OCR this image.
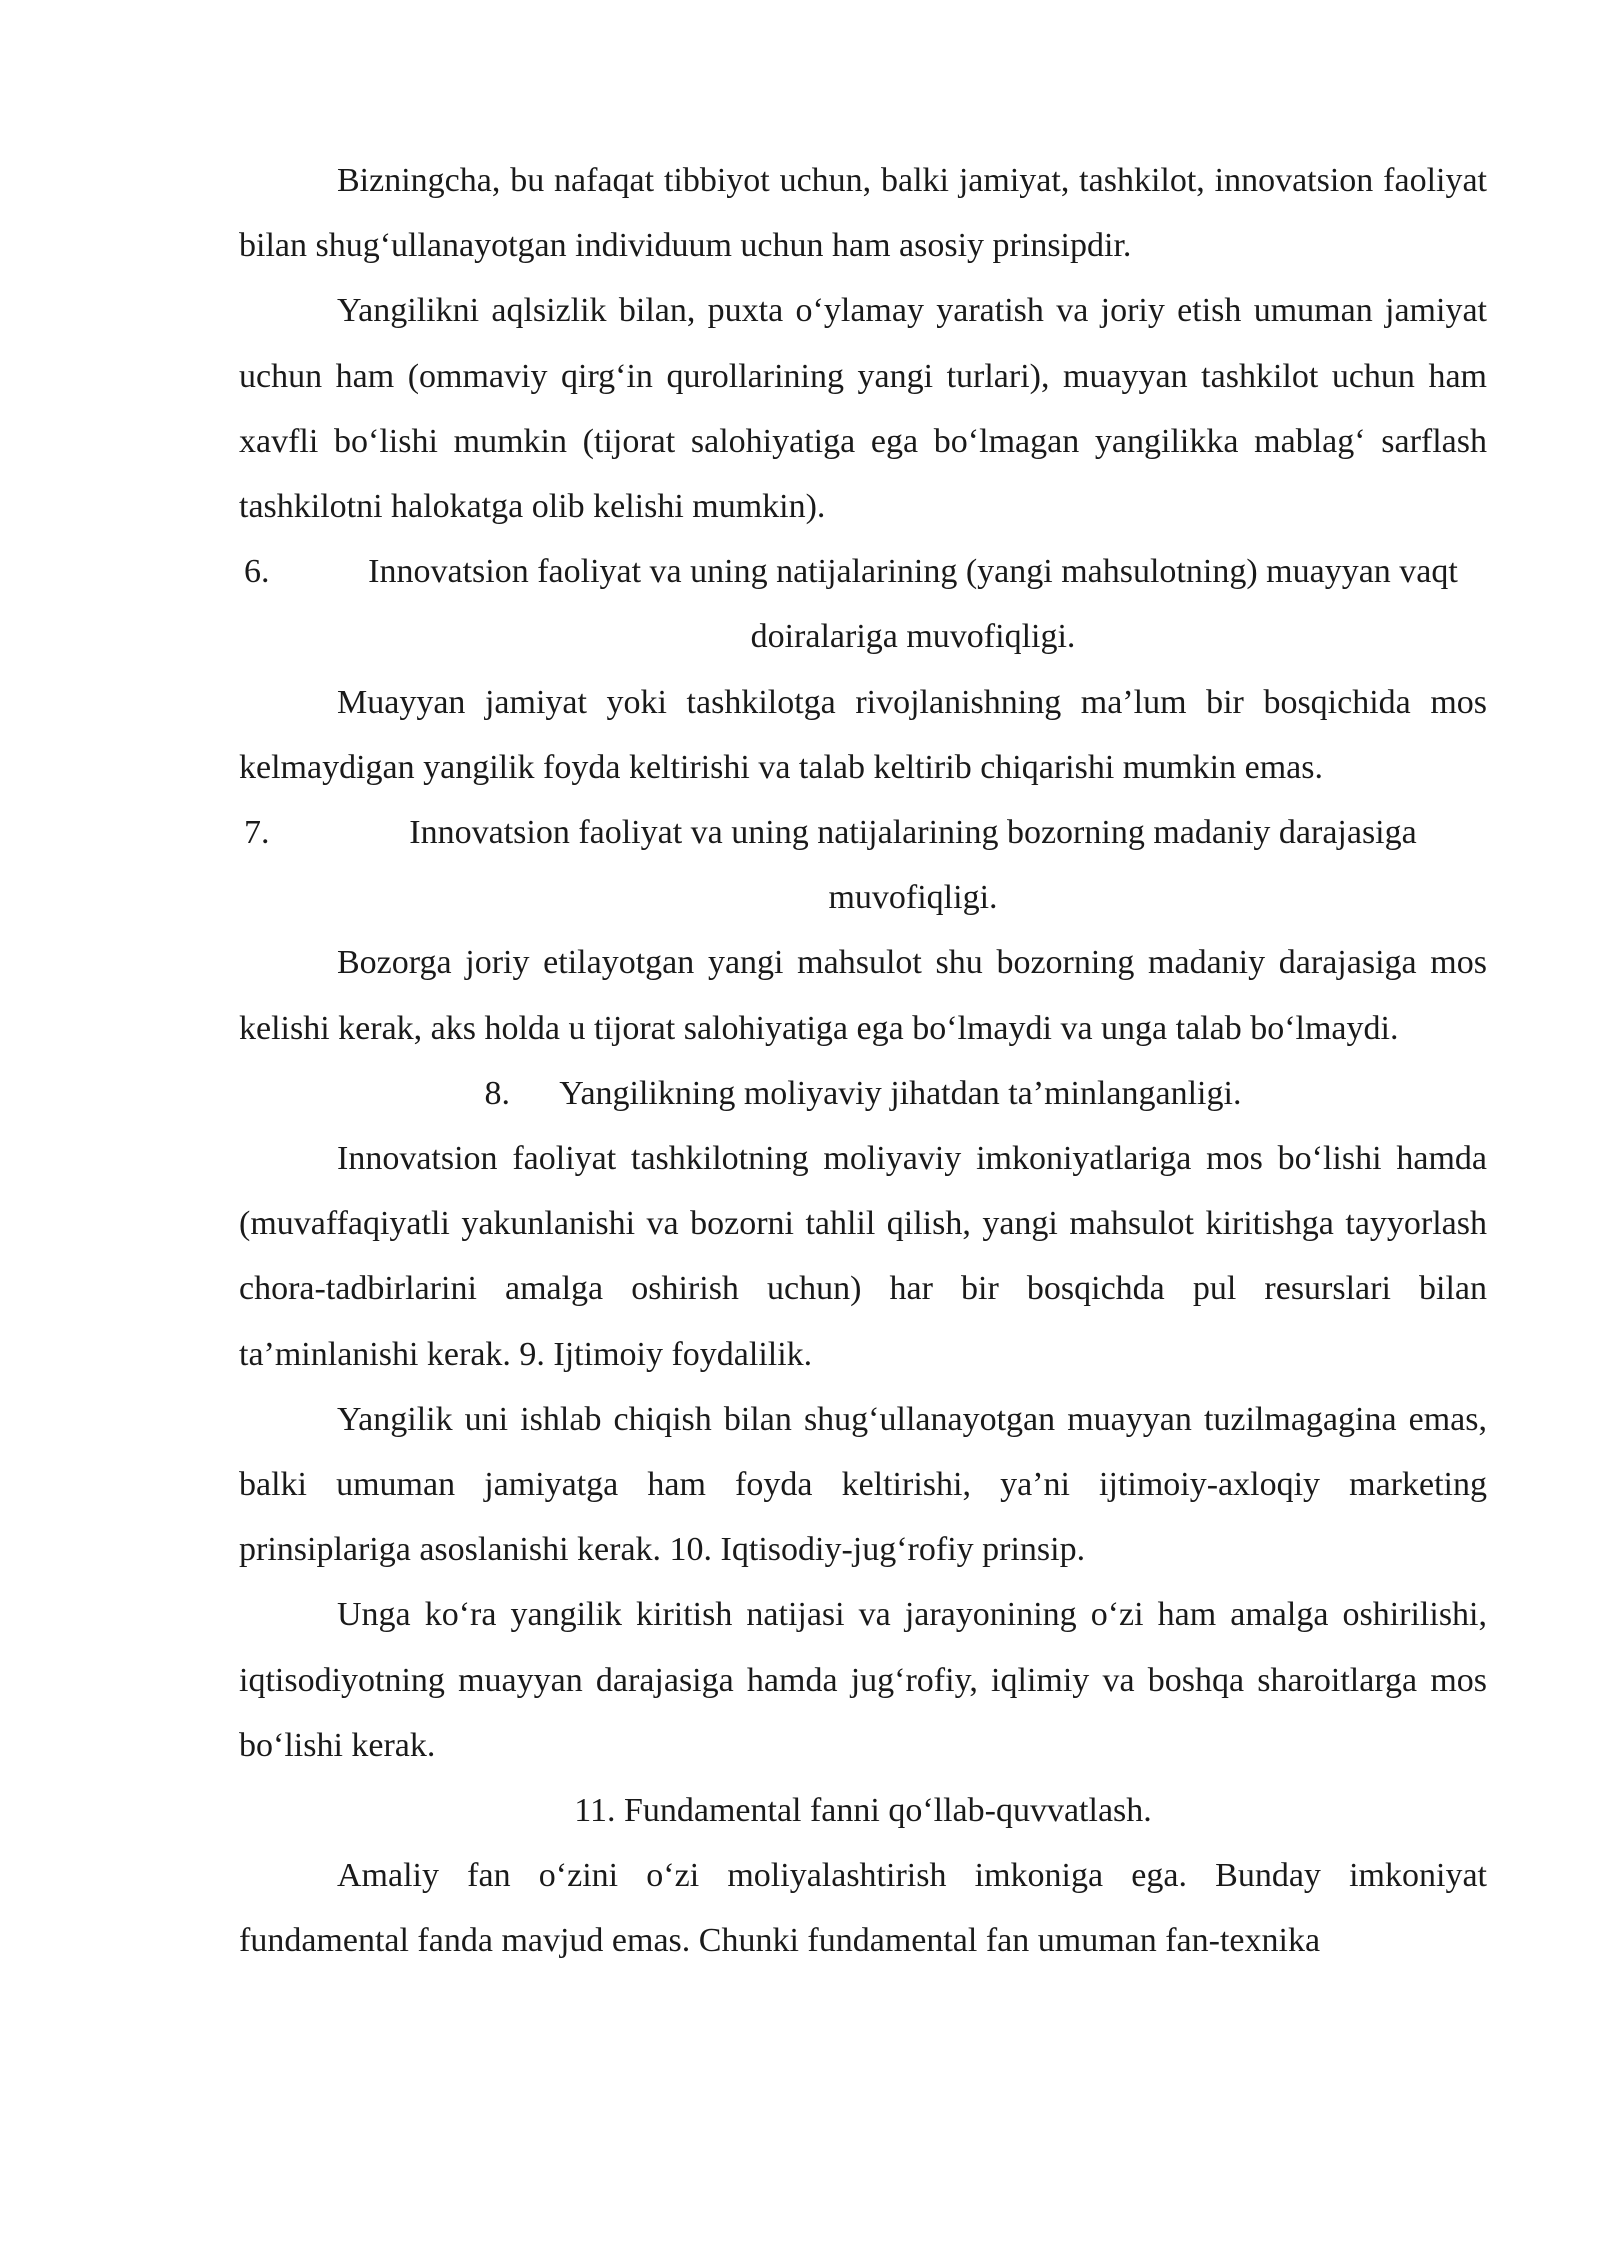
Bizningcha, bu nafaqat tibbiyot uchun, balki jamiyat, tashkilot, innovatsion faoliyat bilan shug‘ullanayotgan individuum uchun ham asosiy prinsipdir.

Yangilikni aqlsizlik bilan, puxta o‘ylamay yaratish va joriy etish umuman jamiyat uchun ham (ommaviy qirg‘in qurollarining yangi turlari), muayyan tashkilot uchun ham xavfli bo‘lishi mumkin (tijorat salohiyatiga ega bo‘lmagan yangilikka mablag‘ sarflash tashkilotni halokatga olib kelishi mumkin).

6.	Innovatsion faoliyat va uning natijalarining (yangi mahsulotning) muayyan vaqt doiralariga muvofiqligi.

Muayyan jamiyat yoki tashkilotga rivojlanishning ma’lum bir bosqichida mos kelmaydigan yangilik foyda keltirishi va talab keltirib chiqarishi mumkin emas.

7.	Innovatsion faoliyat va uning natijalarining bozorning madaniy darajasiga muvofiqligi.

Bozorga joriy etilayotgan yangi mahsulot shu bozorning madaniy darajasiga mos kelishi kerak, aks holda u tijorat salohiyatiga ega bo‘lmaydi va unga talab bo‘lmaydi.

8. Yangilikning moliyaviy jihatdan ta’minlanganligi.

Innovatsion faoliyat tashkilotning moliyaviy imkoniyatlariga mos bo‘lishi hamda (muvaffaqiyatli yakunlanishi va bozorni tahlil qilish, yangi mahsulot kiritishga tayyorlash chora-tadbirlarini amalga oshirish uchun) har bir bosqichda pul resurslari bilan ta’minlanishi kerak. 9. Ijtimoiy foydalilik.

Yangilik uni ishlab chiqish bilan shug‘ullanayotgan muayyan tuzilmagagina emas, balki umuman jamiyatga ham foyda keltirishi, ya’ni ijtimoiy-axloqiy marketing prinsiplariga asoslanishi kerak. 10. Iqtisodiy-jug‘rofiy prinsip.

Unga ko‘ra yangilik kiritish natijasi va jarayonining o‘zi ham amalga oshirilishi, iqtisodiyotning muayyan darajasiga hamda jug‘rofiy, iqlimiy va boshqa sharoitlarga mos bo‘lishi kerak.

11. Fundamental fanni qo‘llab-quvvatlash.

Amaliy fan o‘zini o‘zi moliyalashtirish imkoniga ega. Bunday imkoniyat fundamental fanda mavjud emas. Chunki fundamental fan umuman fan-texnika
